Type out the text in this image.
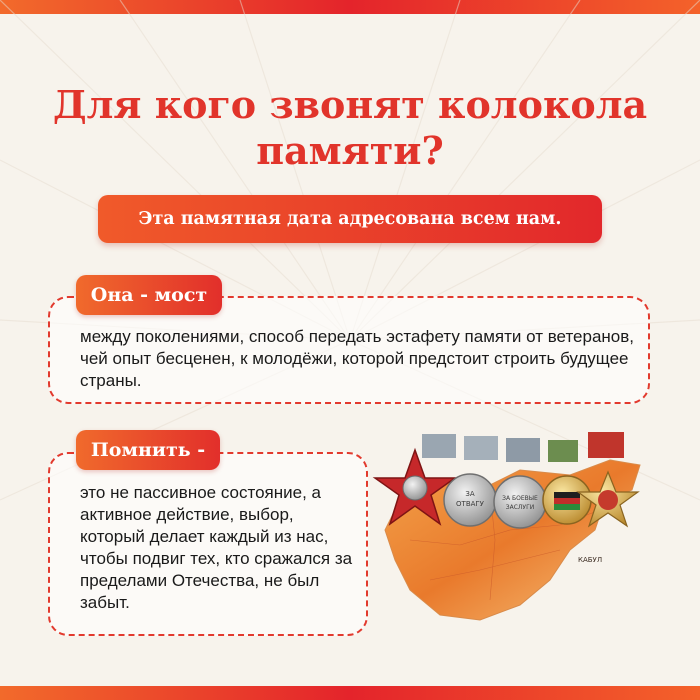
Для кого звонят колокола памяти?
Эта памятная дата адресована всем нам.
Она - мост
между поколениями, способ передать эстафету памяти от ветеранов, чей опыт бесценен, к молодёжи, которой предстоит строить будущее страны.
Помнить -
это не пассивное состояние, а активное действие, выбор, который делает каждый из нас, чтобы подвиг тех, кто сражался за пределами Отечества, не был забыт.
ЗА
ОТВАГУ
ЗА БОЕВЫЕ
ЗАСЛУГИ
КАБУЛ
